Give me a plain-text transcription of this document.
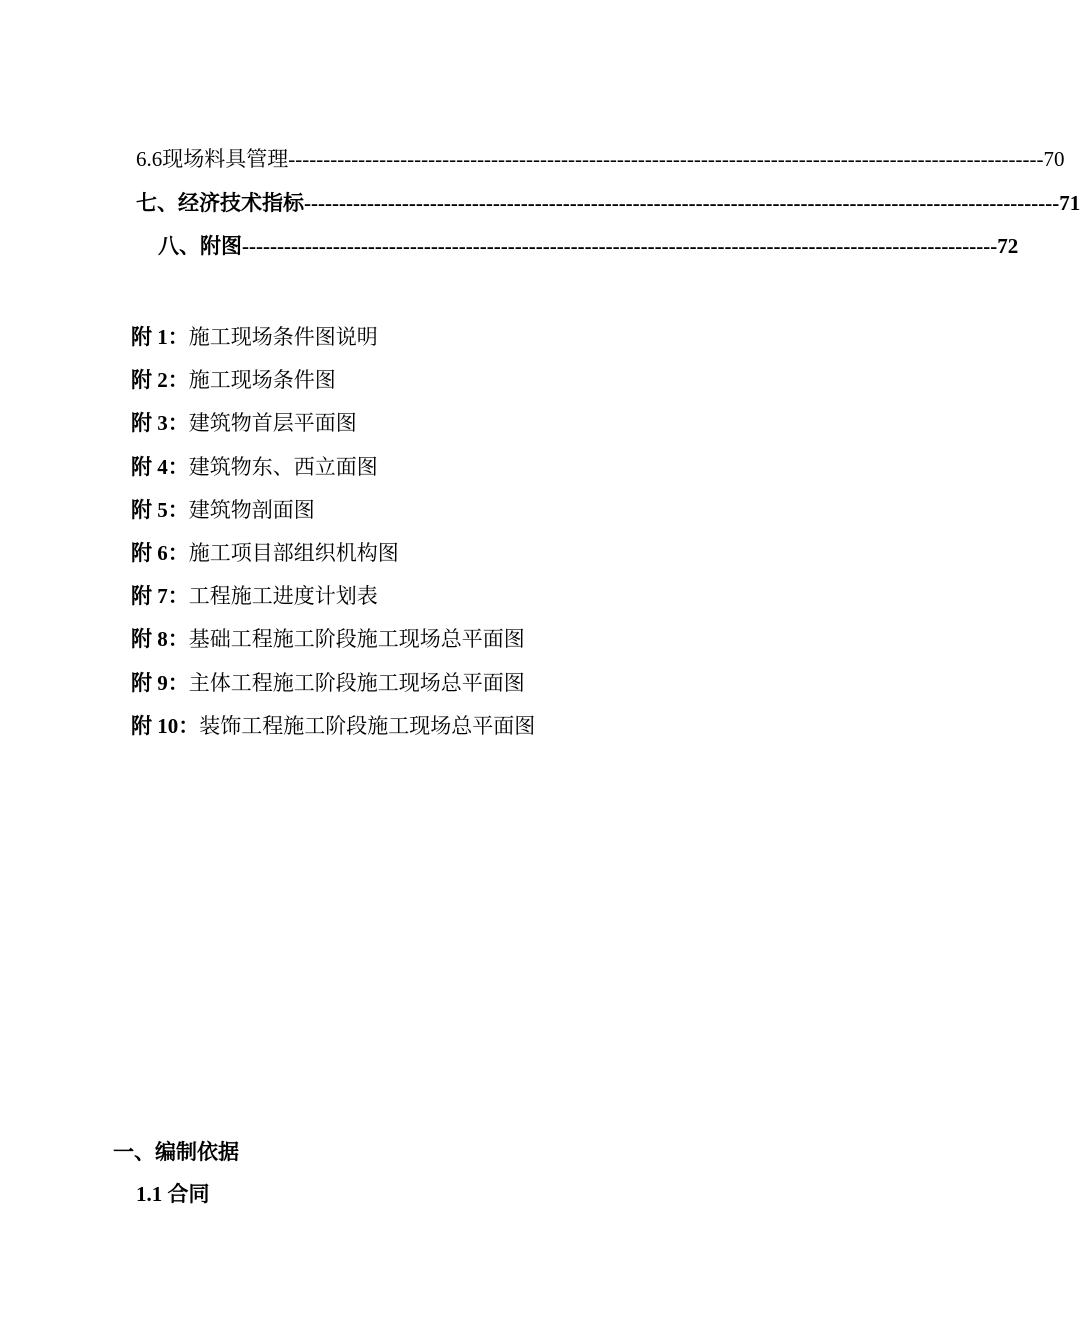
6.6现场料具管理 ------------------------------------------------------------------------------------------------------------ 70
七、经济技术指标 ------------------------------------------------------------------------------------------------------------ 71
八、附图 ------------------------------------------------------------------------------------------------------------ 72
附 1：施工现场条件图说明
附 2：施工现场条件图
附 3：建筑物首层平面图
附 4：建筑物东、西立面图
附 5：建筑物剖面图
附 6：施工项目部组织机构图
附 7：工程施工进度计划表
附 8：基础工程施工阶段施工现场总平面图
附 9：主体工程施工阶段施工现场总平面图
附 10：装饰工程施工阶段施工现场总平面图
一、编制依据
1.1 合同
